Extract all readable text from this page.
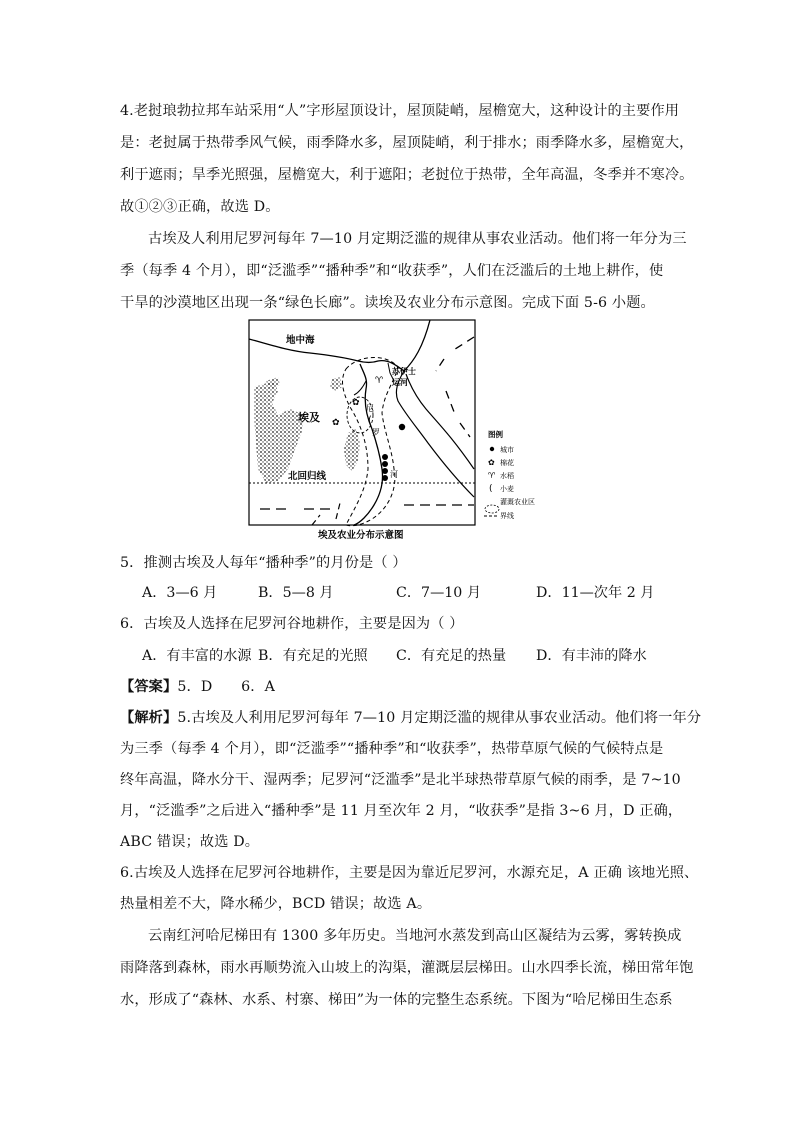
4.老挝琅勃拉邦车站采用“人”字形屋顶设计，屋顶陡峭，屋檐宽大，这种设计的主要作用
是：老挝属于热带季风气候，雨季降水多，屋顶陡峭，利于排水；雨季降水多，屋檐宽大，
利于遮雨；旱季光照强，屋檐宽大，利于遮阳；老挝位于热带，全年高温，冬季并不寒冷。
故①②③正确，故选 D。
古埃及人利用尼罗河每年 7—10 月定期泛滥的规律从事农业活动。他们将一年分为三
季（每季 4 个月），即“泛滥季”“播种季”和“收获季”，人们在泛滥后的土地上耕作，使
干旱的沙漠地区出现一条“绿色长廊”。读埃及农业分布示意图。完成下面 5-6 小题。
✿
♈
✿	(
地中海
埃及
苏伊士
运河
尼
罗
河
北回归线
埃及农业分布示意图
图例
城市
✿ 棉花
♈ 水稻
( 小麦
灌溉农业区
界线
5．推测古埃及人每年“播种季”的月份是（ ）
A．3—6 月	B．5—8 月	C．7—10 月	D．11—次年 2 月
6．古埃及人选择在尼罗河谷地耕作，主要是因为（ ）
A．有丰富的水源 B．有充足的光照 C．有充足的热量 D．有丰沛的降水
【答案】5．D　　6．A
【解析】5.古埃及人利用尼罗河每年 7—10 月定期泛滥的规律从事农业活动。他们将一年分
为三季（每季 4 个月），即“泛滥季”“播种季”和“收获季”，热带草原气候的气候特点是
终年高温，降水分干、湿两季；尼罗河“泛滥季”是北半球热带草原气候的雨季，是 7~10
月，“泛滥季”之后进入“播种季”是 11 月至次年 2 月，“收获季”是指 3~6 月，D 正确，
ABC 错误；故选 D。
6.古埃及人选择在尼罗河谷地耕作，主要是因为靠近尼罗河，水源充足，A 正确 该地光照、
热量相差不大，降水稀少，BCD 错误；故选 A。
云南红河哈尼梯田有 1300 多年历史。当地河水蒸发到高山区凝结为云雾，雾转换成
雨降落到森林，雨水再顺势流入山坡上的沟渠，灌溉层层梯田。山水四季长流，梯田常年饱
水，形成了“森林、水系、村寨、梯田”为一体的完整生态系统。下图为“哈尼梯田生态系
